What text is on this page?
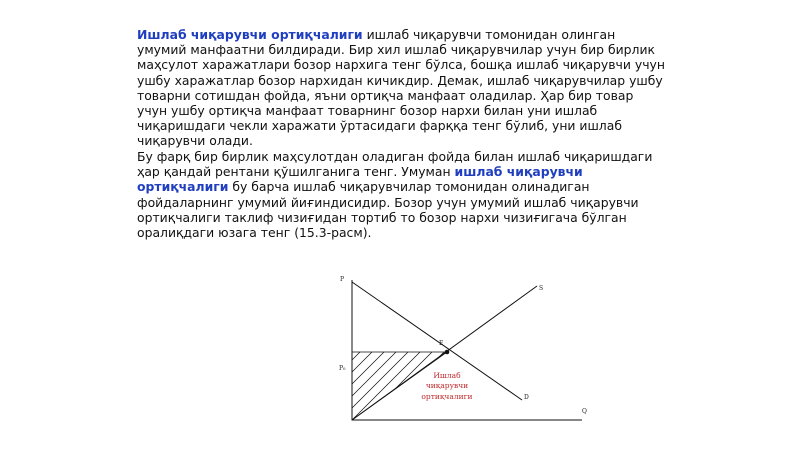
Ишлаб чиқарувчи ортиқчалиги ишлаб чиқарувчи томонидан олинган умумий манфаатни билдиради. Бир хил ишлаб чиқарувчилар учун бир бирлик маҳсулот харажатлари бозор нархига тенг бўлса, бошқа ишлаб чиқарувчи учун ушбу харажатлар бозор нархидан кичикдир. Демак, ишлаб чиқарувчилар ушбу товарни сотишдан фойда, яъни ортиқча манфаат оладилар. Ҳар бир товар учун ушбу ортиқча манфаат товарнинг бозор нархи билан уни ишлаб чиқаришдаги чекли харажати ўртасидаги фарққа тенг бўлиб, уни ишлаб чиқарувчи олади.

Бу фарқ бир бирлик маҳсулотдан оладиган фойда билан ишлаб чиқаришдаги ҳар қандай рентани қўшилганига тенг. Умуман ишлаб чиқарувчи ортиқчалиги бу барча ишлаб чиқарувчилар томонидан олинадиган фойдаларнинг умумий йиғиндисидир. Бозор учун умумий ишлаб чиқарувчи ортиқчалиги таклиф чизиғидан тортиб то бозор нархи чизиғигача бўлган оралиқдаги юзага тенг (15.3-расм).

P
Q
P₀
E
S
D
Ишлаб
чиқарувчи
ортиқчалиги
